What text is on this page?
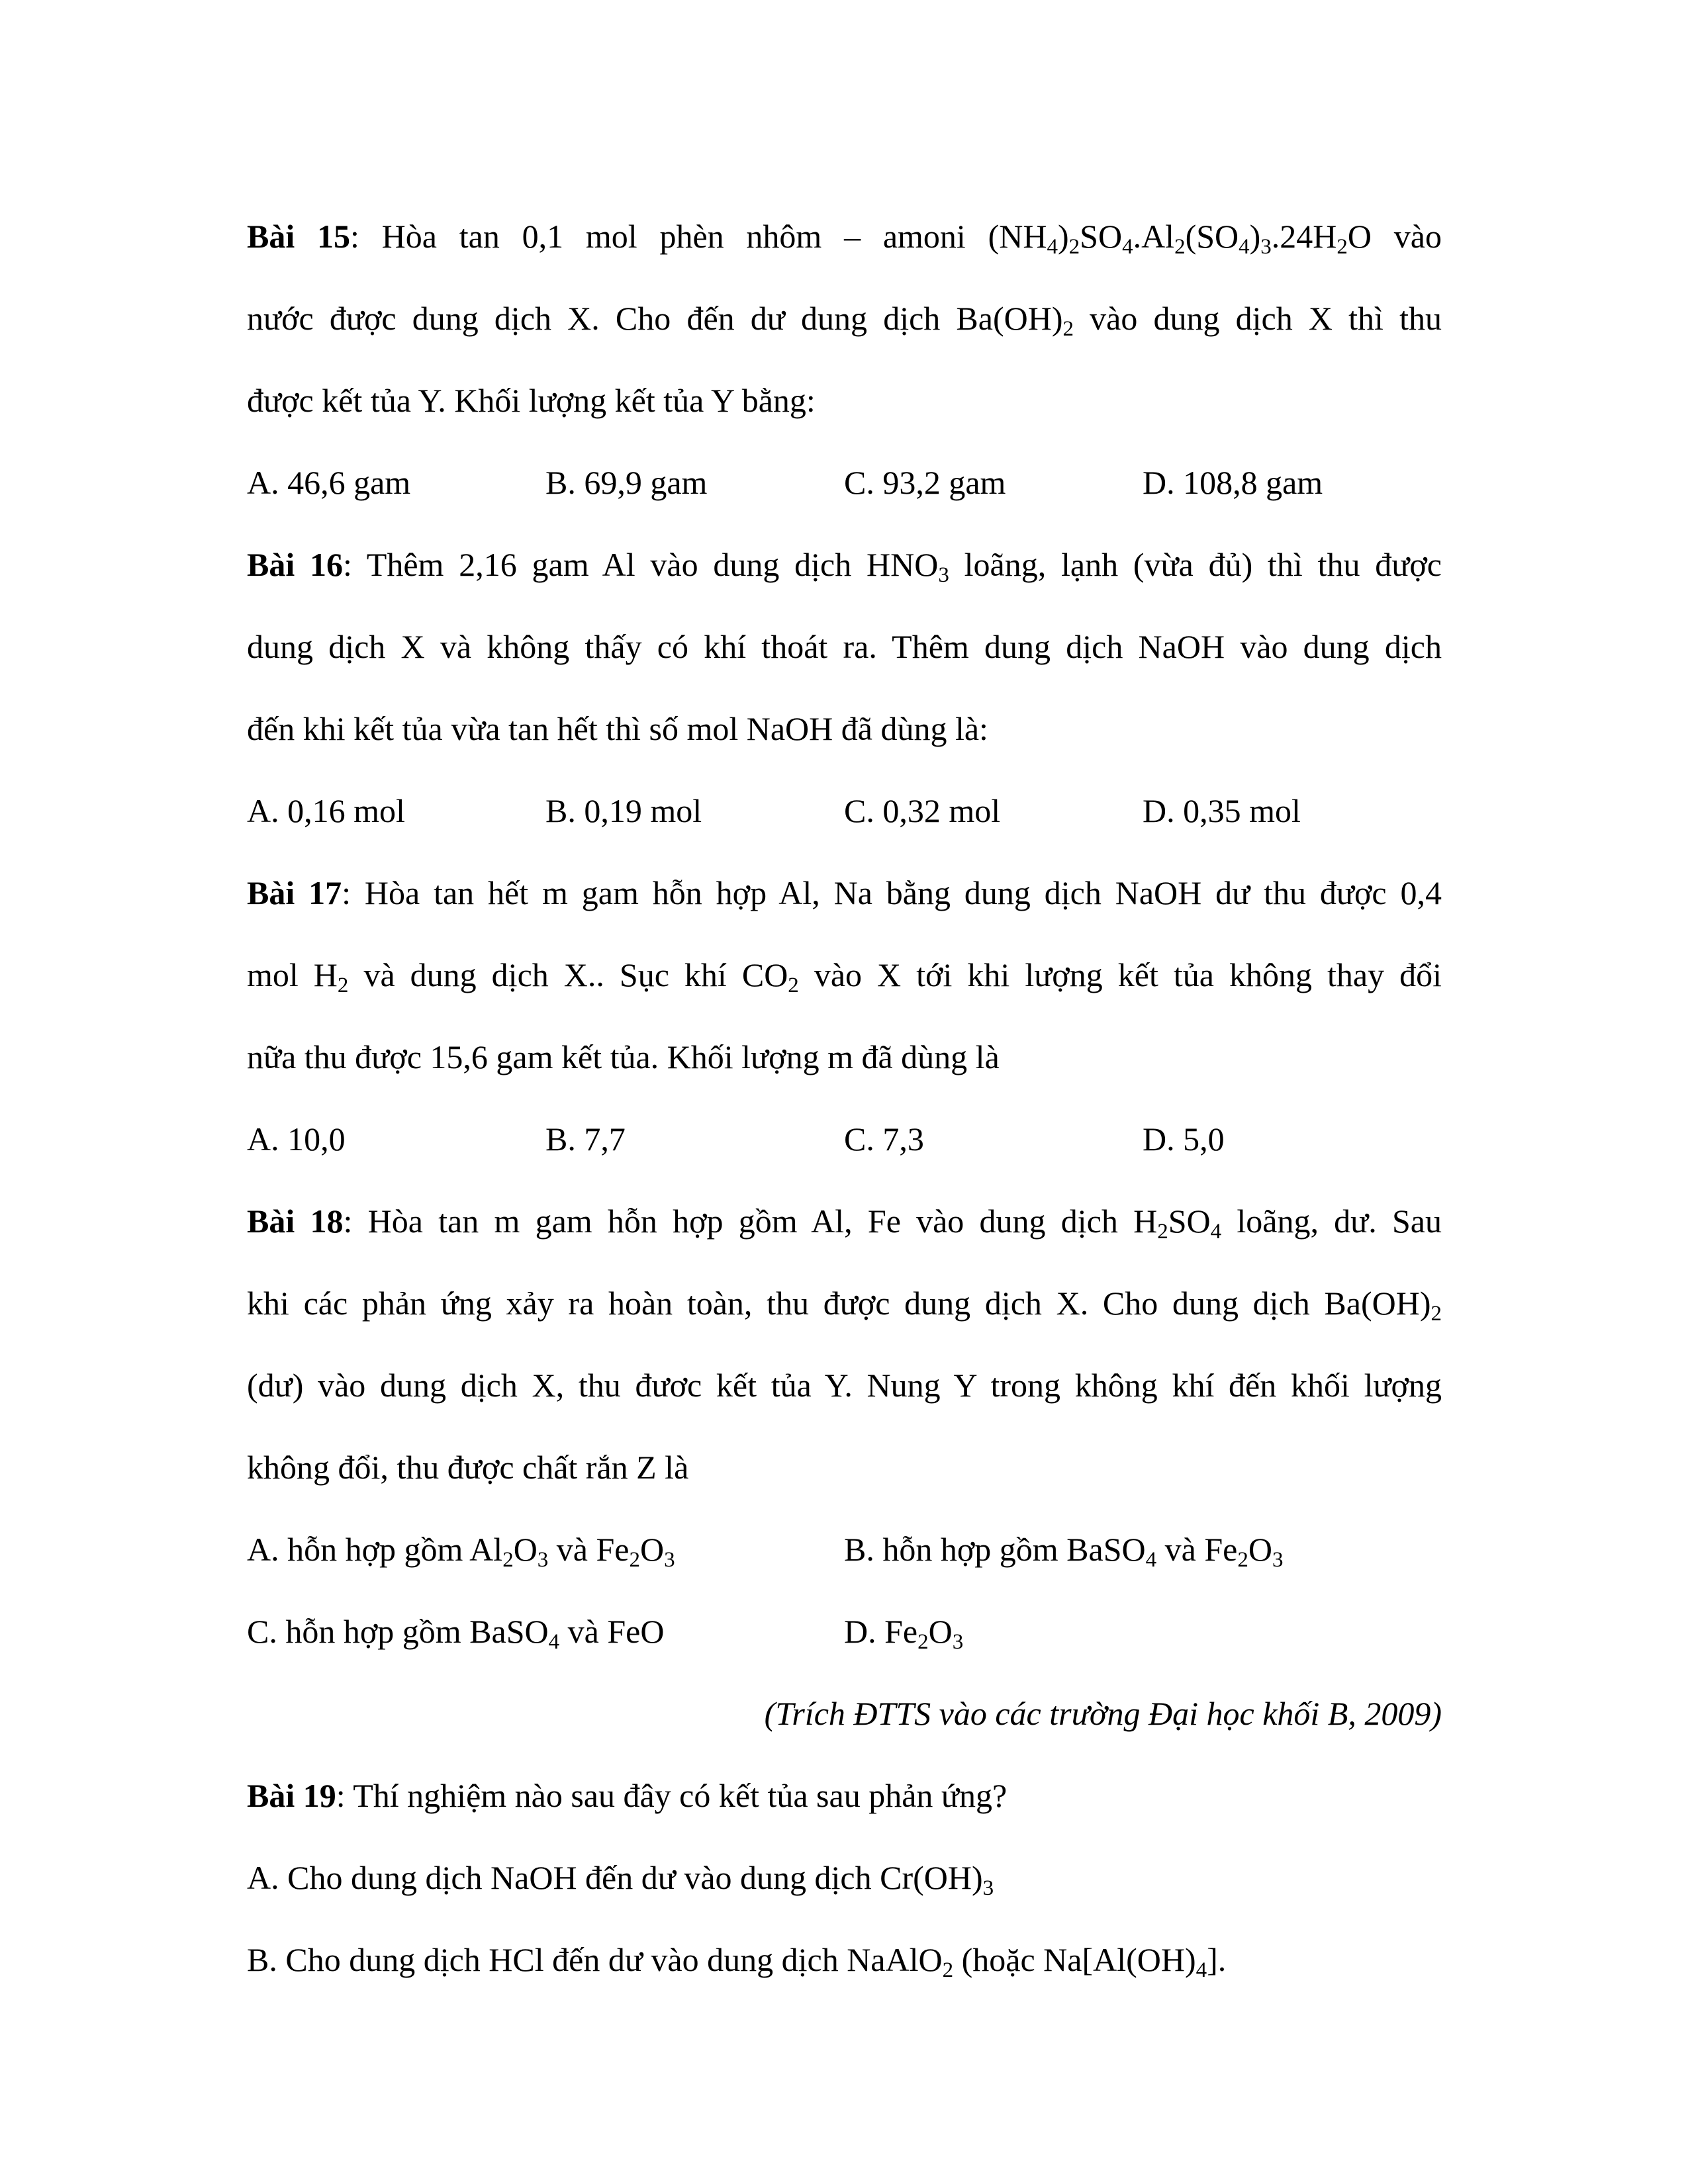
Bài 15: Hòa tan 0,1 mol phèn nhôm – amoni $(NH_4)_2SO_4.Al_2(SO_4)_3.24H_2O$ vào
nước được dung dịch X. Cho đến dư dung dịch $Ba(OH)_2$ vào dung dịch X thì thu
được kết tủa Y. Khối lượng kết tủa Y bằng:
A. 46,6 gam	B. 69,9 gam	C. 93,2 gam	D. 108,8 gam
Bài 16: Thêm 2,16 gam Al vào dung dịch $HNO_3$ loãng, lạnh (vừa đủ) thì thu được
dung dịch X và không thấy có khí thoát ra. Thêm dung dịch NaOH vào dung dịch
đến khi kết tủa vừa tan hết thì số mol NaOH đã dùng là:
A. 0,16 mol	B. 0,19 mol	C. 0,32 mol	D. 0,35 mol
Bài 17: Hòa tan hết m gam hỗn hợp Al, Na bằng dung dịch NaOH dư thu được 0,4
mol $H_2$ và dung dịch X.. Sục khí $CO_2$ vào X tới khi lượng kết tủa không thay đổi
nữa thu được 15,6 gam kết tủa. Khối lượng m đã dùng là
A. 10,0	B. 7,7	C. 7,3	D. 5,0
Bài 18: Hòa tan m gam hỗn hợp gồm Al, Fe vào dung dịch $H_2SO_4$ loãng, dư. Sau
khi các phản ứng xảy ra hoàn toàn, thu được dung dịch X. Cho dung dịch $Ba(OH)_2$
(dư) vào dung dịch X, thu đươc kết tủa Y. Nung Y trong không khí đến khối lượng
không đổi, thu được chất rắn Z là
A. hỗn hợp gồm $Al_2O_3$ và $Fe_2O_3$	B. hỗn hợp gồm BaSO$_4$ và $Fe_2O_3$
C. hỗn hợp gồm BaSO$_4$ và FeO	D. $Fe_2O_3$
(Trích ĐTTS vào các trường Đại học khối B, 2009)
Bài 19: Thí nghiệm nào sau đây có kết tủa sau phản ứng?
A. Cho dung dịch NaOH đến dư vào dung dịch $Cr(OH)_3$
B. Cho dung dịch HCl đến dư vào dung dịch NaAlO$_2$ (hoặc $Na[Al(OH)_4]$.
